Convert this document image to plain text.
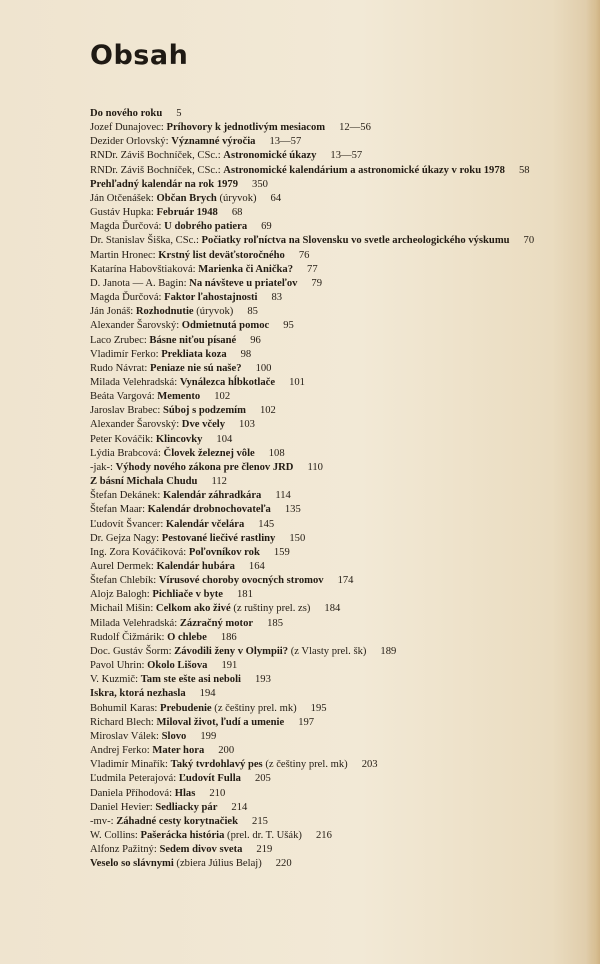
Obsah
Do nového roku 5
Jozef Dunajovec: Príhovory k jednotlivým mesiacom 12—56
Dezider Orlovský: Významné výročia 13—57
RNDr. Záviš Bochníček, CSc.: Astronomické úkazy 13—57
RNDr. Záviš Bochníček, CSc.: Astronomické kalendárium a astronomické úkazy v roku 1978 58
Prehľadný kalendár na rok 1979 350
Ján Otčenášek: Občan Brych (úryvok) 64
Gustáv Hupka: Február 1948 68
Magda Ďurčová: U dobrého patiera 69
Dr. Stanislav Šiška, CSc.: Počiatky roľníctva na Slovensku vo svetle archeologického výskumu 70
Martin Hronec: Krstný list deväťstoročného 76
Katarína Habovštiaková: Marienka či Anička? 77
D. Janota — A. Bagin: Na návšteve u priateľov 79
Magda Ďurčová: Faktor ľahostajnosti 83
Ján Jonáš: Rozhodnutie (úryvok) 85
Alexander Šarovský: Odmietnutá pomoc 95
Laco Zrubec: Básne niťou písané 96
Vladimír Ferko: Prekliata koza 98
Rudo Návrat: Peniaze nie sú naše? 100
Milada Velehradská: Vynálezca hĺbkotlače 101
Beáta Vargová: Memento 102
Jaroslav Brabec: Súboj s podzemím 102
Alexander Šarovský: Dve včely 103
Peter Kováčik: Klincovky 104
Lýdia Brabcová: Človek železnej vôle 108
-jak-: Výhody nového zákona pre členov JRD 110
Z básní Michala Chudu 112
Štefan Dekánek: Kalendár záhradkára 114
Štefan Maar: Kalendár drobnochovateľa 135
Ľudovít Švancer: Kalendár včelára 145
Dr. Gejza Nagy: Pestované liečivé rastliny 150
Ing. Zora Kováčiková: Poľovníkov rok 159
Aurel Dermek: Kalendár hubára 164
Štefan Chlebík: Vírusové choroby ovocných stromov 174
Alojz Balogh: Pichliače v byte 181
Michail Mišin: Celkom ako živé (z ruštiny prel. zs) 184
Milada Velehradská: Zázračný motor 185
Rudolf Čižmárik: O chlebe 186
Doc. Gustáv Šorm: Závodili ženy v Olympii? (z Vlasty prel. šk) 189
Pavol Uhrin: Okolo Lišova 191
V. Kuzmič: Tam ste ešte asi neboli 193
Iskra, ktorá nezhasla 194
Bohumil Karas: Prebudenie (z češtiny prel. mk) 195
Richard Blech: Miloval život, ľudí a umenie 197
Miroslav Válek: Slovo 199
Andrej Ferko: Mater hora 200
Vladimír Minařík: Taký tvrdohlavý pes (z češtiny prel. mk) 203
Ľudmila Peterajová: Ľudovít Fulla 205
Daniela Příhodová: Hlas 210
Daniel Hevier: Sedliacky pár 214
-mv-: Záhadné cesty korytnačiek 215
W. Collins: Pašerácka história (prel. dr. T. Ušák) 216
Alfonz Pažitný: Sedem divov sveta 219
Veselo so slávnymi (zbiera Július Belaj) 220
